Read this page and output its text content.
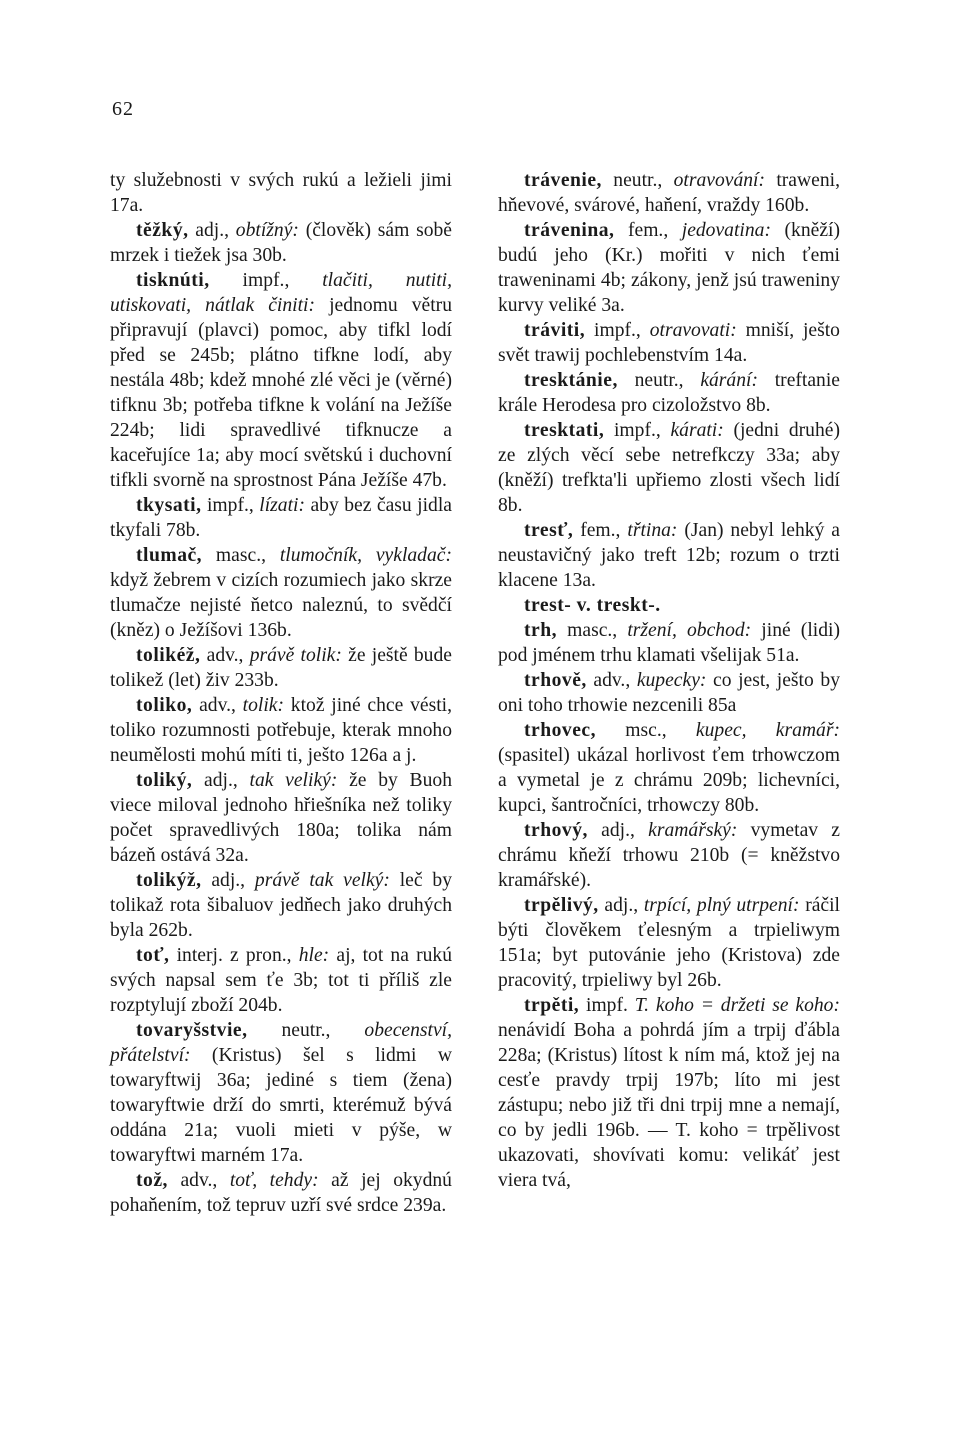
62

ty služebnosti v svých rukú a ležieli jimi 17a.

těžký, adj., obtížný: (člověk) sám sobě mrzek i tiežek jsa 30b.

tisknúti, impf., tlačiti, nutiti, utiskovati, nátlak činiti: jednomu větru připravují (plavci) pomoc, aby tifkl lodí před se 245b; plátno tifkne lodí, aby nestála 48b; kdež mnohé zlé věci je (věrné) tifknu 3b; potřeba tifkne k volání na Ježíše 224b; lidi spravedlivé tifknucze a kaceřujíce 1a; aby mocí světskú i duchovní tifkli svorně na sprostnost Pána Ježíše 47b.

tkysati, impf., lízati: aby bez času jidla tkyfali 78b.

tlumač, masc., tlumočník, vykladač: když žebrem v cizích rozumiech jako skrze tlumačze nejisté ňetco naleznú, to svědčí (kněz) o Ježíšovi 136b.

tolikéž, adv., právě tolik: že ještě bude tolikež (let) živ 233b.

toliko, adv., tolik: ktož jiné chce vésti, toliko rozumnosti potřebuje, kterak mnoho neumělosti mohú míti ti, ješto 126a a j.

toliký, adj., tak veliký: že by Buoh viece miloval jednoho hřiešníka než toliky počet spravedlivých 180a; tolika nám bázeň ostává 32a.

tolikýž, adj., právě tak velký: leč by tolikaž rota šibaluov jedňech jako druhých byla 262b.

toť, interj. z pron., hle: aj, tot na rukú svých napsal sem ťe 3b; tot ti příliš zle rozptylují zboží 204b.

tovaryšstvie, neutr., obecenství, přátelství: (Kristus) šel s lidmi w towaryftwij 36a; jediné s tiem (žena) towaryftwie drží do smrti, kterémuž bývá oddána 21a; vuoli mieti v pýše, w towaryftwi marném 17a.

tož, adv., toť, tehdy: až jej okydnú pohaňením, tož tepruv uzří své srdce 239a.

trávenie, neutr., otravování: traweni, hňevové, svárové, haňení, vraždy 160b.

trávenina, fem., jedovatina: (kněží) budú jeho (Kr.) mořiti v nich ťemi traweninami 4b; zákony, jenž jsú traweniny kurvy veliké 3a.

tráviti, impf., otravovati: mniší, ješto svět trawij pochlebenstvím 14a.

treѕktánie, neutr., kárání: treftanie krále Herodesa pro cizoložstvo 8b.

tresktati, impf., kárati: (jedni druhé) ze zlých věcí sebe netrefkczy 33a; aby (kněží) trefkta'li upřiemo zlosti všech lidí 8b.

tresť, fem., třtina: (Jan) nebyl lehký a neustavičný jako treft 12b; rozum o trzti klacene 13a.

trest- v. treskt-.

trh, masc., tržení, obchod: jiné (lidi) pod jménem trhu klamati všelijak 51a.

trhově, adv., kupecky: co jest, ješto by oni toho trhowie nezcenili 85a

trhovec, msc., kupec, kramář: (spasitel) ukázal horlivost ťem trhowczom a vymetal je z chrámu 209b; lichevníci, kupci, šantročníci, trhowczy 80b.

trhový, adj., kramářský: vymetav z chrámu kňeží trhowu 210b (= kněžstvo kramářské).

trpělivý, adj., trpící, plný utrpení: ráčil býti člověkem ťelesným a trpieliwym 151a; byt putovánie jeho (Kristova) zde pracovitý, trpieliwy byl 26b.

trpěti, impf. T. koho = držeti se koho: nenávidí Boha a pohrdá jím a trpij ďábla 228a; (Kristus) lítost k ním má, ktož jej na cesťe pravdy trpij 197b; líto mi jest zástupu; nebo již tři dni trpij mne a nemají, co by jedli 196b. — T. koho = trpělivost ukazovati, shovívati komu: velikáť jest viera tvá,
